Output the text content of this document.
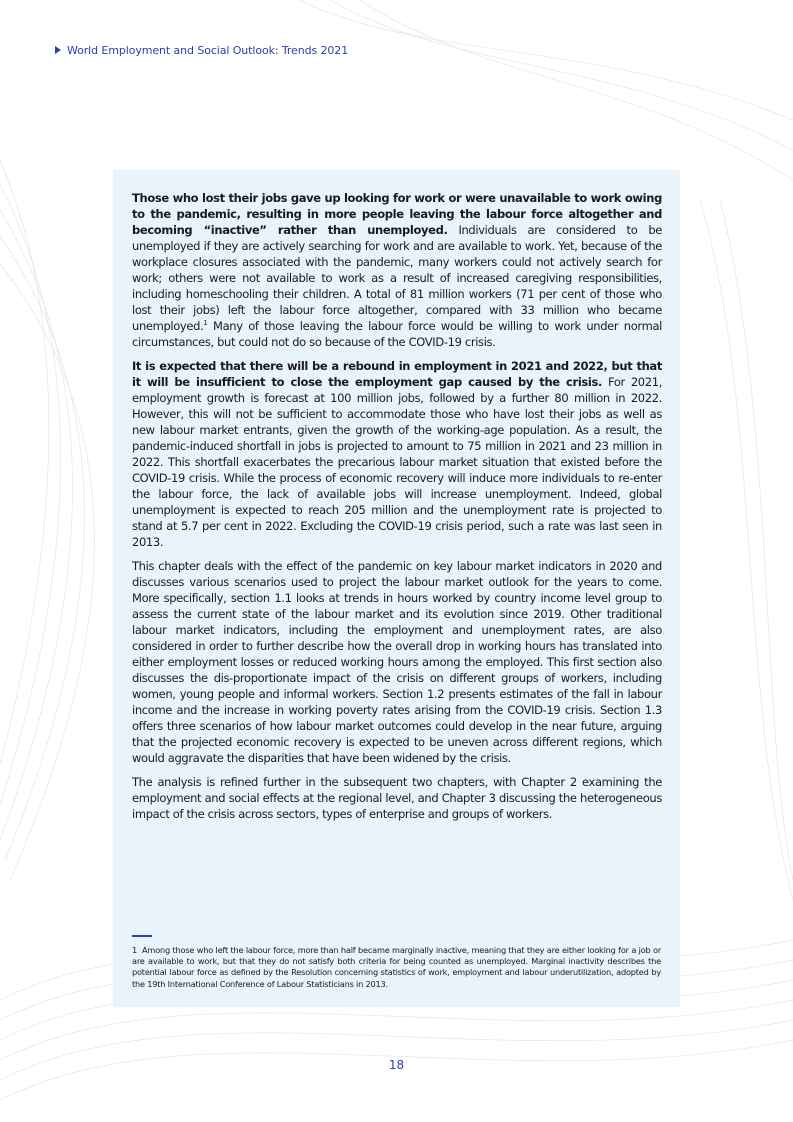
World Employment and Social Outlook: Trends 2021

Those who lost their jobs gave up looking for work or were unavailable to work owing to the pandemic, resulting in more people leaving the labour force altogether and becoming “inactive” rather than unemployed. Individuals are considered to be unemployed if they are actively searching for work and are available to work. Yet, because of the workplace closures associated with the pandemic, many workers could not actively search for work; others were not available to work as a result of increased caregiving responsibilities, including homeschooling their children. A total of 81 million workers (71 per cent of those who lost their jobs) left the labour force altogether, compared with 33 million who became unemployed.$^1$ Many of those leaving the labour force would be willing to work under normal circumstances, but could not do so because of the COVID-19 crisis.

It is expected that there will be a rebound in employment in 2021 and 2022, but that it will be insufficient to close the employment gap caused by the crisis. For 2021, employment growth is forecast at 100 million jobs, followed by a further 80 million in 2022. However, this will not be sufficient to accommodate those who have lost their jobs as well as new labour market entrants, given the growth of the working-age population. As a result, the pandemic-induced shortfall in jobs is projected to amount to 75 million in 2021 and 23 million in 2022. This shortfall exacerbates the precarious labour market situation that existed before the COVID-19 crisis. While the process of economic recovery will induce more individuals to re-enter the labour force, the lack of available jobs will increase unemployment. Indeed, global unemployment is expected to reach 205 million and the unemployment rate is projected to stand at 5.7 per cent in 2022. Excluding the COVID-19 crisis period, such a rate was last seen in 2013.

This chapter deals with the effect of the pandemic on key labour market indicators in 2020 and discusses various scenarios used to project the labour market outlook for the years to come. More specifically, section 1.1 looks at trends in hours worked by country income level group to assess the current state of the labour market and its evolution since 2019. Other traditional labour market indicators, including the employment and unemployment rates, are also considered in order to further describe how the overall drop in working hours has translated into either employment losses or reduced working hours among the employed. This first section also discusses the dis-proportionate impact of the crisis on different groups of workers, including women, young people and informal workers. Section 1.2 presents estimates of the fall in labour income and the increase in working poverty rates arising from the COVID-19 crisis. Section 1.3 offers three scenarios of how labour market outcomes could develop in the near future, arguing that the projected economic recovery is expected to be uneven across different regions, which would aggravate the disparities that have been widened by the crisis.

The analysis is refined further in the subsequent two chapters, with Chapter 2 examining the employment and social effects at the regional level, and Chapter 3 discussing the heterogeneous impact of the crisis across sectors, types of enterprise and groups of workers.

1 Among those who left the labour force, more than half became marginally inactive, meaning that they are either looking for a job or are available to work, but that they do not satisfy both criteria for being counted as unemployed. Marginal inactivity describes the potential labour force as defined by the Resolution concerning statistics of work, employment and labour underutilization, adopted by the 19th International Conference of Labour Statisticians in 2013.
18
